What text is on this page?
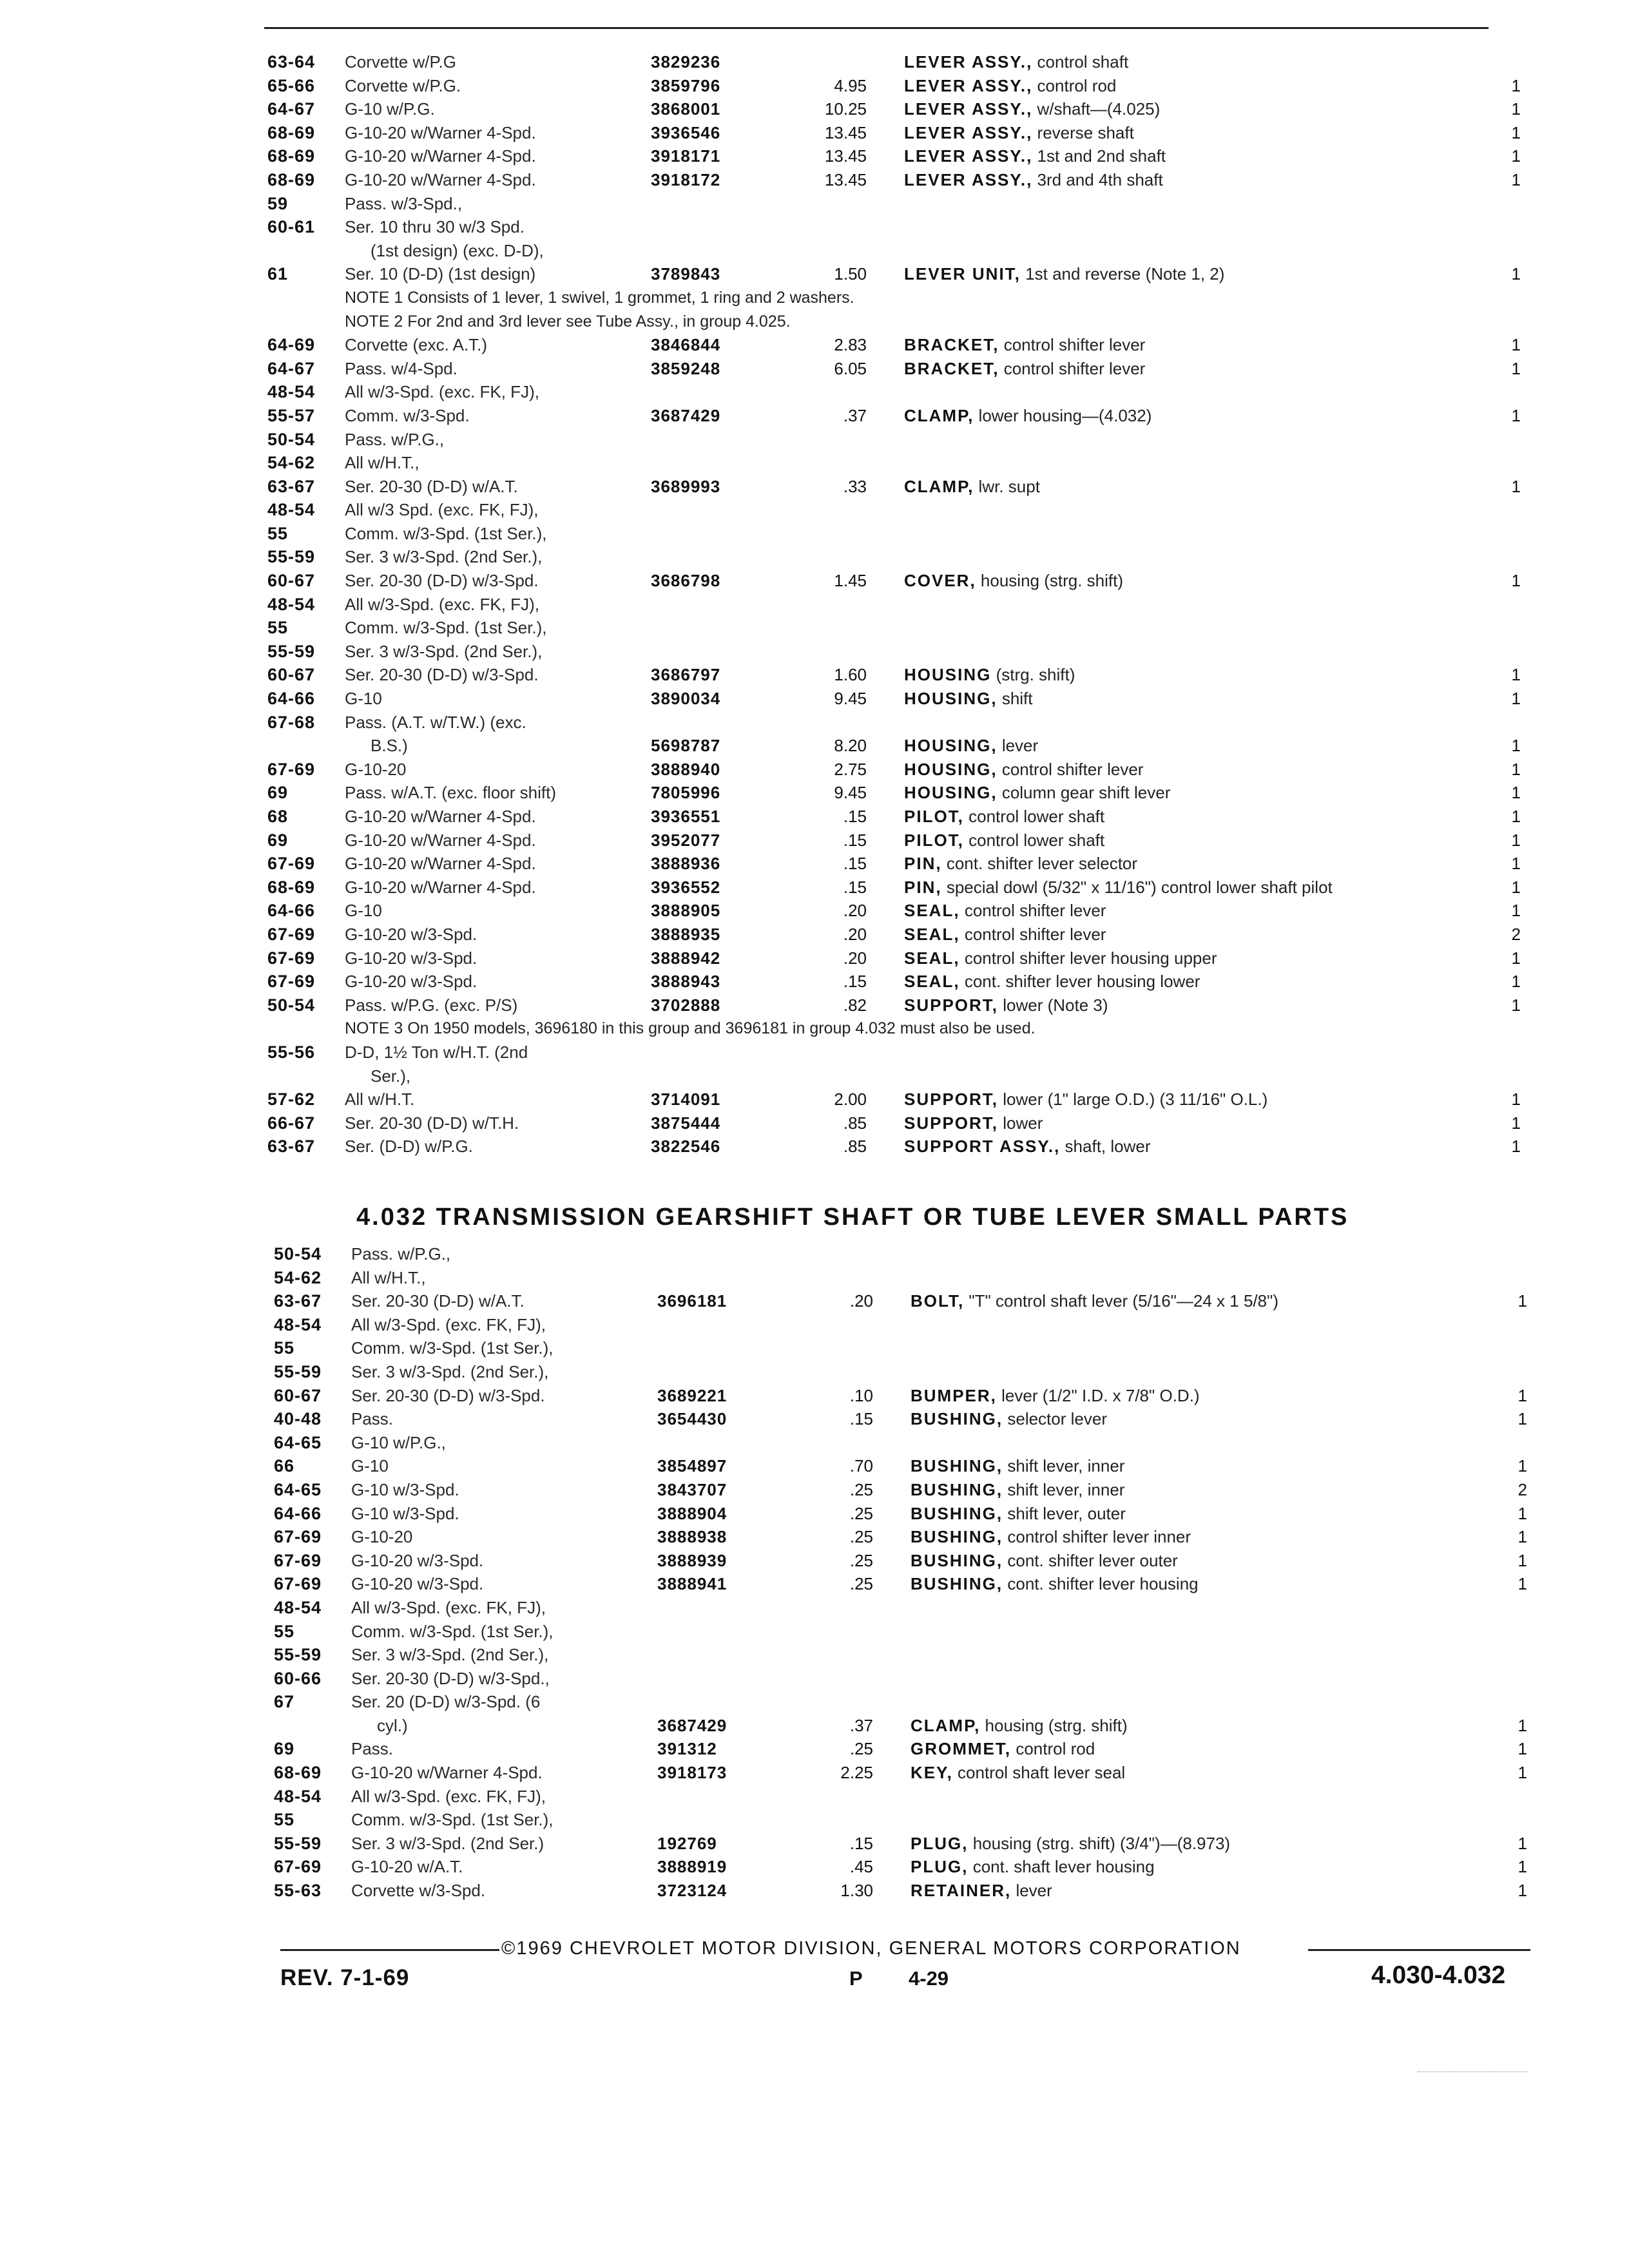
63-64 Corvette w/P.G	3829236	LEVER ASSY., control shaft
65-66 Corvette w/P.G.	3859796	4.95 LEVER ASSY., control rod	1
64-67 G-10 w/P.G.	3868001	10.25 LEVER ASSY., w/shaft—(4.025)	1
68-69 G-10-20 w/Warner 4-Spd.	3936546	13.45 LEVER ASSY., reverse shaft	1
68-69 G-10-20 w/Warner 4-Spd.	3918171	13.45 LEVER ASSY., 1st and 2nd shaft	1
68-69 G-10-20 w/Warner 4-Spd.	3918172	13.45 LEVER ASSY., 3rd and 4th shaft	1
59	Pass. w/3-Spd.,
60-61 Ser. 10 thru 30 w/3 Spd.
(1st design) (exc. D-D),
61	Ser. 10 (D-D) (1st design)	3789843	1.50 LEVER UNIT, 1st and reverse (Note 1, 2)	1
NOTE 1 Consists of 1 lever, 1 swivel, 1 grommet, 1 ring and 2 washers.
NOTE 2 For 2nd and 3rd lever see Tube Assy., in group 4.025.
64-69 Corvette (exc. A.T.)	3846844	2.83 BRACKET, control shifter lever	1
64-67 Pass. w/4-Spd.	3859248	6.05 BRACKET, control shifter lever	1
48-54 All w/3-Spd. (exc. FK, FJ),
55-57 Comm. w/3-Spd.	3687429	.37 CLAMP, lower housing—(4.032)	1
50-54 Pass. w/P.G.,
54-62 All w/H.T.,
63-67 Ser. 20-30 (D-D) w/A.T.	3689993	.33 CLAMP, lwr. supt	1
48-54 All w/3 Spd. (exc. FK, FJ),
55	Comm. w/3-Spd. (1st Ser.),
55-59 Ser. 3 w/3-Spd. (2nd Ser.),
60-67 Ser. 20-30 (D-D) w/3-Spd.	3686798	1.45 COVER, housing (strg. shift)	1
48-54 All w/3-Spd. (exc. FK, FJ),
55	Comm. w/3-Spd. (1st Ser.),
55-59 Ser. 3 w/3-Spd. (2nd Ser.),
60-67 Ser. 20-30 (D-D) w/3-Spd.	3686797	1.60 HOUSING (strg. shift)	1
64-66 G-10	3890034	9.45 HOUSING, shift	1
67-68 Pass. (A.T. w/T.W.) (exc.
B.S.)	5698787	8.20 HOUSING, lever	1
67-69 G-10-20	3888940	2.75 HOUSING, control shifter lever	1
69	Pass. w/A.T. (exc. floor shift)	7805996	9.45 HOUSING, column gear shift lever	1
68	G-10-20 w/Warner 4-Spd.	3936551	.15 PILOT, control lower shaft	1
69	G-10-20 w/Warner 4-Spd.	3952077	.15 PILOT, control lower shaft	1
67-69 G-10-20 w/Warner 4-Spd.	3888936	.15 PIN, cont. shifter lever selector	1
68-69 G-10-20 w/Warner 4-Spd.	3936552	.15 PIN, special dowl (5/32" x 11/16") control lower shaft pilot	1
64-66 G-10	3888905	.20 SEAL, control shifter lever	1
67-69 G-10-20 w/3-Spd.	3888935	.20 SEAL, control shifter lever	2
67-69 G-10-20 w/3-Spd.	3888942	.20 SEAL, control shifter lever housing upper	1
67-69 G-10-20 w/3-Spd.	3888943	.15 SEAL, cont. shifter lever housing lower	1
50-54 Pass. w/P.G. (exc. P/S)	3702888	.82 SUPPORT, lower (Note 3)	1
NOTE 3 On 1950 models, 3696180 in this group and 3696181 in group 4.032 must also be used.
55-56 D-D, 1½ Ton w/H.T. (2nd
Ser.),
57-62 All w/H.T.	3714091	2.00 SUPPORT, lower (1" large O.D.) (3 11/16" O.L.)	1
66-67 Ser. 20-30 (D-D) w/T.H.	3875444	.85 SUPPORT, lower	1
63-67 Ser. (D-D) w/P.G.	3822546	.85 SUPPORT ASSY., shaft, lower	1
4.032 TRANSMISSION GEARSHIFT SHAFT OR TUBE LEVER SMALL PARTS
50-54 Pass. w/P.G.,
54-62 All w/H.T.,
63-67 Ser. 20-30 (D-D) w/A.T.	3696181	.20 BOLT, "T" control shaft lever (5/16"—24 x 1 5/8")	1
48-54 All w/3-Spd. (exc. FK, FJ),
55	Comm. w/3-Spd. (1st Ser.),
55-59 Ser. 3 w/3-Spd. (2nd Ser.),
60-67 Ser. 20-30 (D-D) w/3-Spd.	3689221	.10 BUMPER, lever (1/2" I.D. x 7/8" O.D.)	1
40-48 Pass.	3654430	.15 BUSHING, selector lever	1
64-65 G-10 w/P.G.,
66	G-10	3854897	.70 BUSHING, shift lever, inner	1
64-65 G-10 w/3-Spd.	3843707	.25 BUSHING, shift lever, inner	2
64-66 G-10 w/3-Spd.	3888904	.25 BUSHING, shift lever, outer	1
67-69 G-10-20	3888938	.25 BUSHING, control shifter lever inner	1
67-69 G-10-20 w/3-Spd.	3888939	.25 BUSHING, cont. shifter lever outer	1
67-69 G-10-20 w/3-Spd.	3888941	.25 BUSHING, cont. shifter lever housing	1
48-54 All w/3-Spd. (exc. FK, FJ),
55	Comm. w/3-Spd. (1st Ser.),
55-59 Ser. 3 w/3-Spd. (2nd Ser.),
60-66 Ser. 20-30 (D-D) w/3-Spd.,
67	Ser. 20 (D-D) w/3-Spd. (6
cyl.)	3687429	.37 CLAMP, housing (strg. shift)	1
69	Pass.	391312	.25 GROMMET, control rod	1
68-69 G-10-20 w/Warner 4-Spd.	3918173	2.25 KEY, control shaft lever seal	1
48-54 All w/3-Spd. (exc. FK, FJ),
55	Comm. w/3-Spd. (1st Ser.),
55-59 Ser. 3 w/3-Spd. (2nd Ser.)	192769	.15 PLUG, housing (strg. shift) (3/4")—(8.973)	1
67-69 G-10-20 w/A.T.	3888919	.45 PLUG, cont. shaft lever housing	1
55-63 Corvette w/3-Spd.	3723124	1.30 RETAINER, lever	1
©1969 CHEVROLET MOTOR DIVISION, GENERAL MOTORS CORPORATION
REV. 7-1-69	P 4-29	4.030-4.032
